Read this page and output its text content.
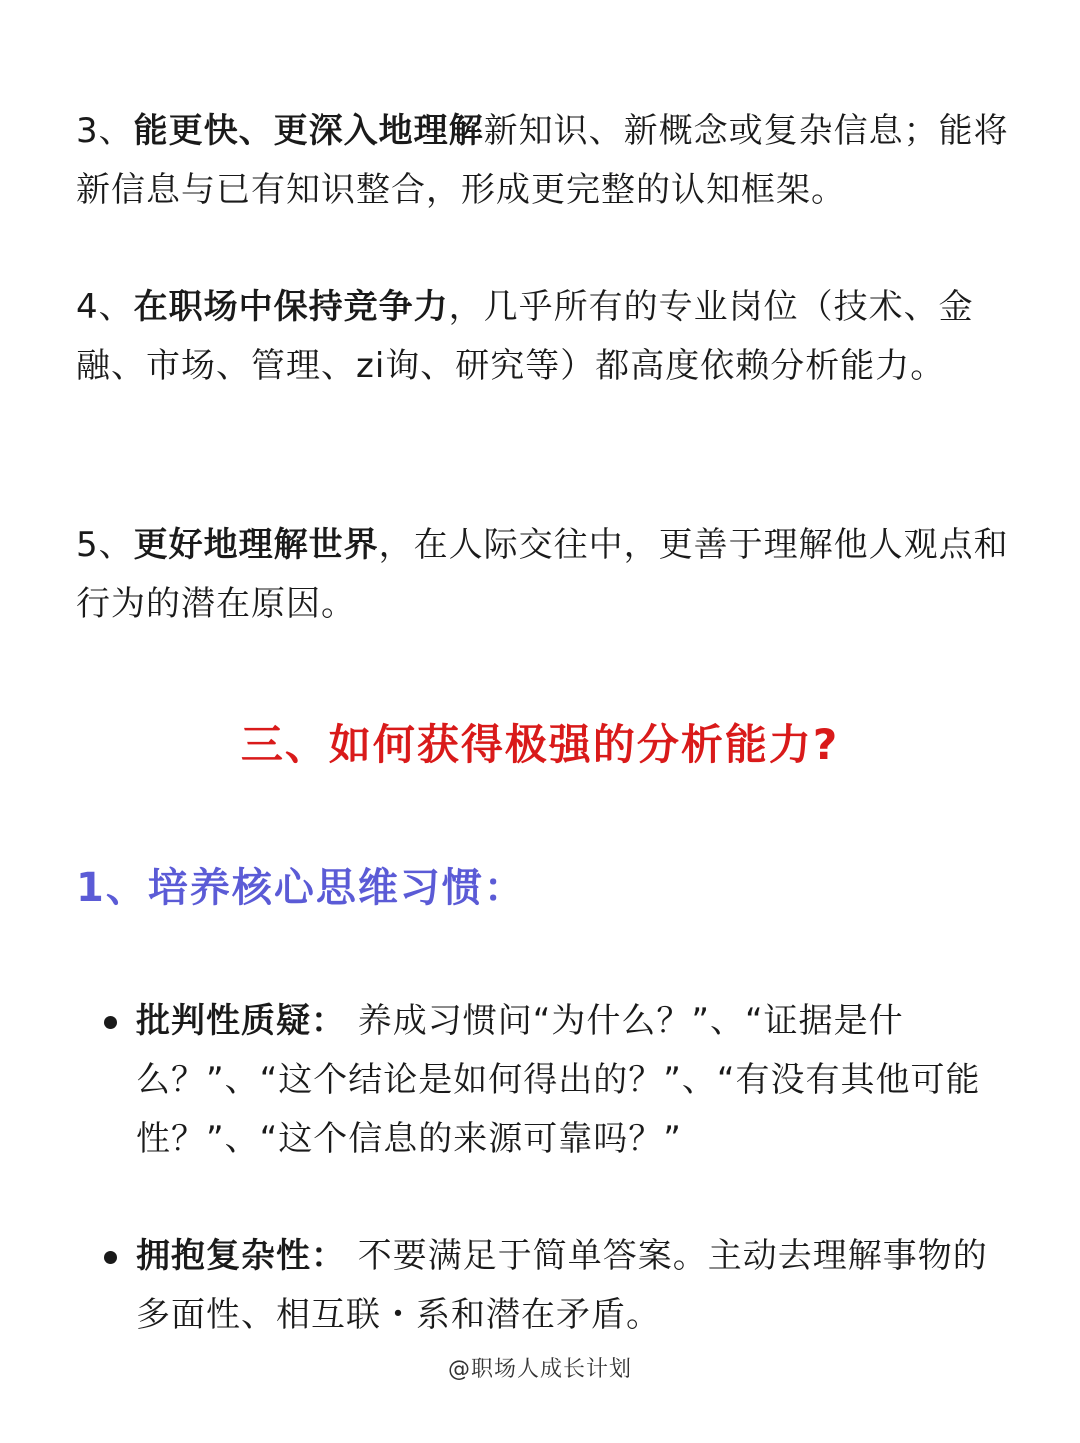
3、能更快、更深入地理解新知识、新概念或复杂信息；能将新信息与已有知识整合，形成更完整的认知框架。

4、在职场中保持竞争力，几乎所有的专业岗位（技术、金融、市场、管理、zi询、研究等）都高度依赖分析能力。

5、更好地理解世界，在人际交往中，更善于理解他人观点和行为的潜在原因。

三、如何获得极强的分析能力?
1、培养核心思维习惯：

批判性质疑： 养成习惯问“为什么？”、“证据是什么？”、“这个结论是如何得出的？”、“有没有其他可能性？”、“这个信息的来源可靠吗？”

拥抱复杂性： 不要满足于简单答案。主动去理解事物的多面性、相互联・系和潜在矛盾。

@职场人成长计划
